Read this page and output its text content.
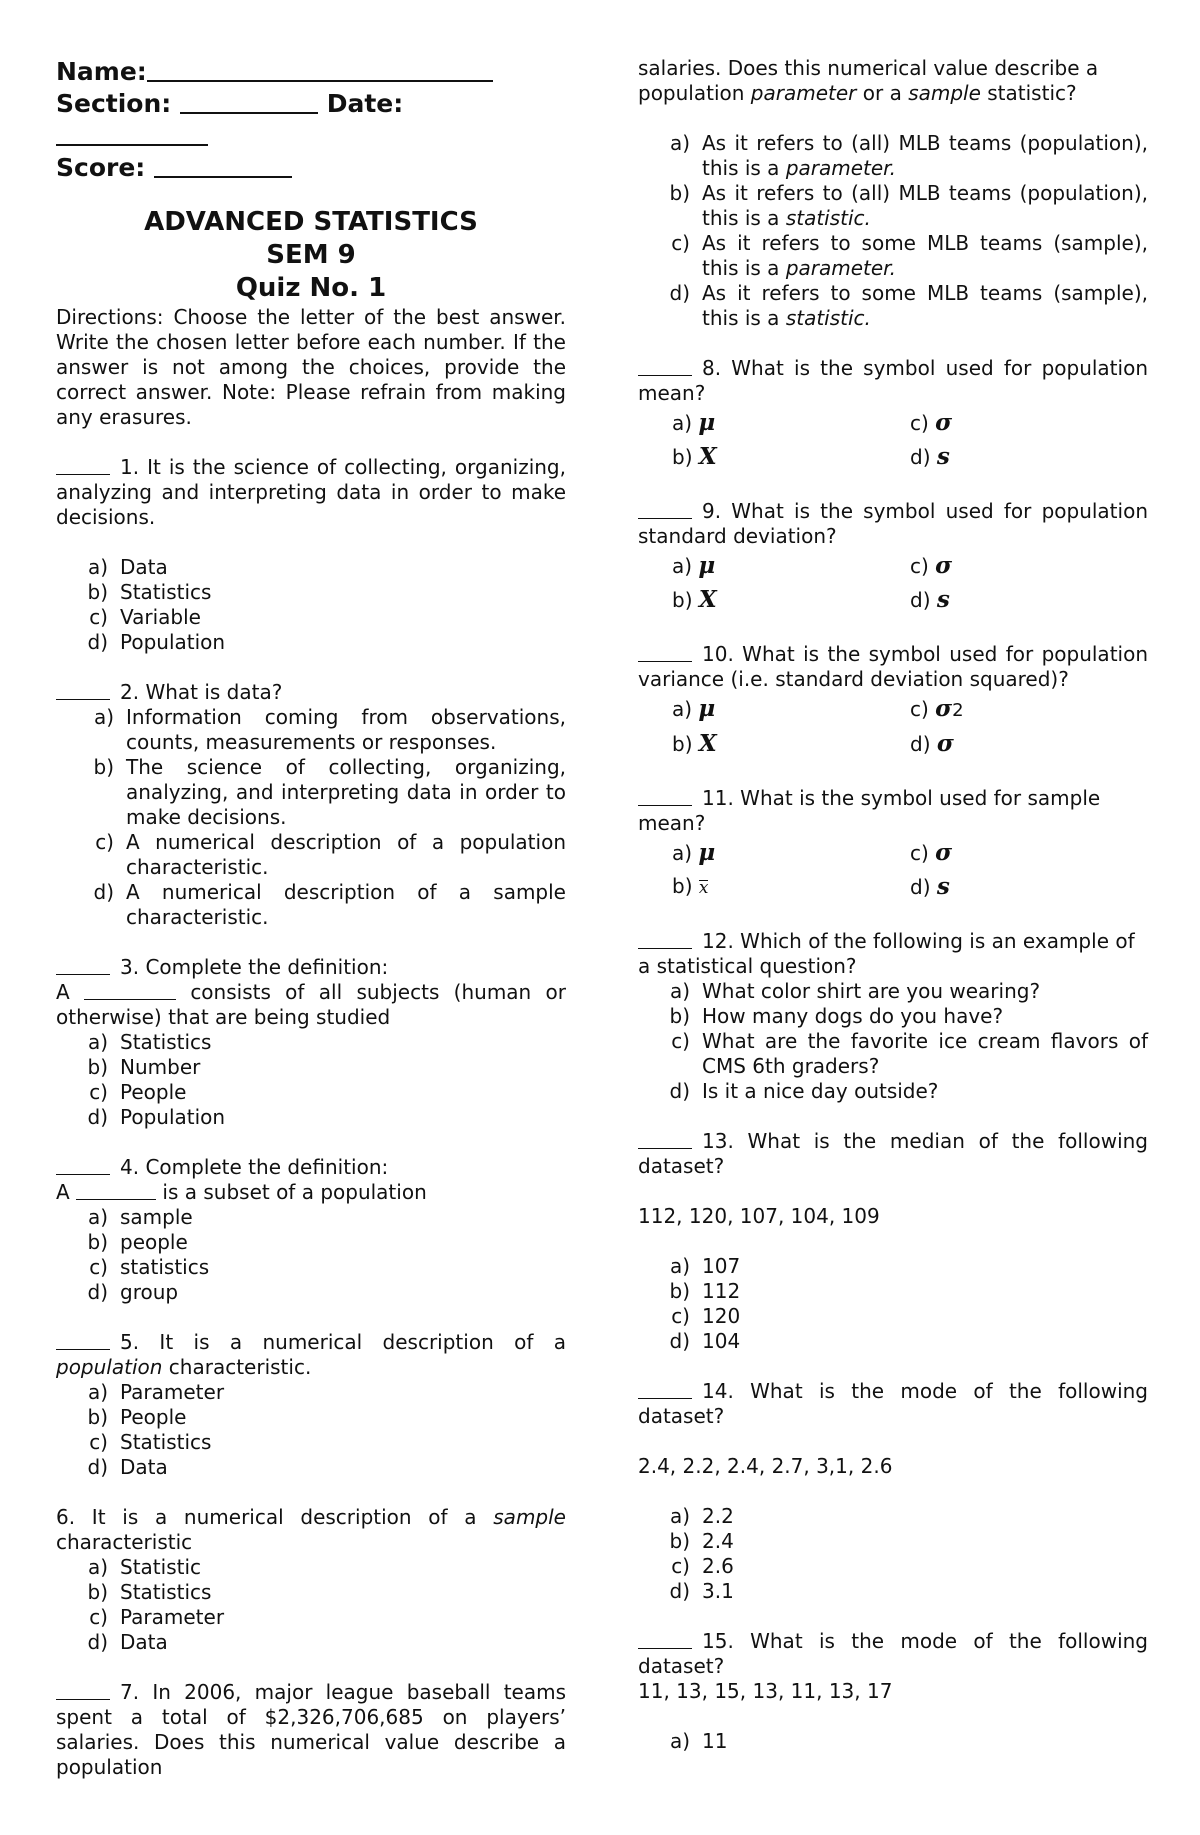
Name:
Section:	Date:
Score:
ADVANCED STATISTICS
SEM 9
Quiz No. 1
Directions: Choose the letter of the best answer. Write the chosen letter before each number. If the answer is not among the choices, provide the correct answer. Note: Please refrain from making any erasures.
1. It is the science of collecting, organizing, analyzing and interpreting data in order to make decisions.
a) Data
b) Statistics
c) Variable
d) Population
2. What is data?
a) Information coming from observations, counts, measurements or responses.
b) The science of collecting, organizing, analyzing, and interpreting data in order to make decisions.
c) A numerical description of a population characteristic.
d) A numerical description of a sample characteristic.
3. Complete the definition:
A	consists of all subjects (human or otherwise) that are being studied
a) Statistics
b) Number
c) People
d) Population
4. Complete the definition:
A	is a subset of a population
a) sample
b) people
c) statistics
d) group
5. It is a numerical description of a population characteristic.
a) Parameter
b) People
c) Statistics
d) Data
6. It is a numerical description of a sample characteristic
a) Statistic
b) Statistics
c) Parameter
d) Data
7. In 2006, major league baseball teams spent a total of $2,326,706,685 on players’ salaries. Does this numerical value describe a population
salaries. Does this numerical value describe a population parameter or a sample statistic?
a) As it refers to (all) MLB teams (population), this is a parameter.
b) As it refers to (all) MLB teams (population), this is a statistic.
c) As it refers to some MLB teams (sample), this is a parameter.
d) As it refers to some MLB teams (sample), this is a statistic.
8. What is the symbol used for population mean?
a) μ	c) σ
b) X	d) s
9. What is the symbol used for population standard deviation?
a) μ	c) σ
b) X	d) s
10. What is the symbol used for population variance (i.e. standard deviation squared)?
a) μ	c) σ2
b) X	d) σ
11. What is the symbol used for sample mean?
a) μ	c) σ
b) x	d) s
12. Which of the following is an example of a statistical question?
a) What color shirt are you wearing?
b) How many dogs do you have?
c) What are the favorite ice cream flavors of CMS 6th graders?
d) Is it a nice day outside?
13. What is the median of the following dataset?
112, 120, 107, 104, 109
a) 107
b) 112
c) 120
d) 104
14. What is the mode of the following dataset?
2.4, 2.2, 2.4, 2.7, 3,1, 2.6
a) 2.2
b) 2.4
c) 2.6
d) 3.1
15. What is the mode of the following dataset?
11, 13, 15, 13, 11, 13, 17
a) 11
